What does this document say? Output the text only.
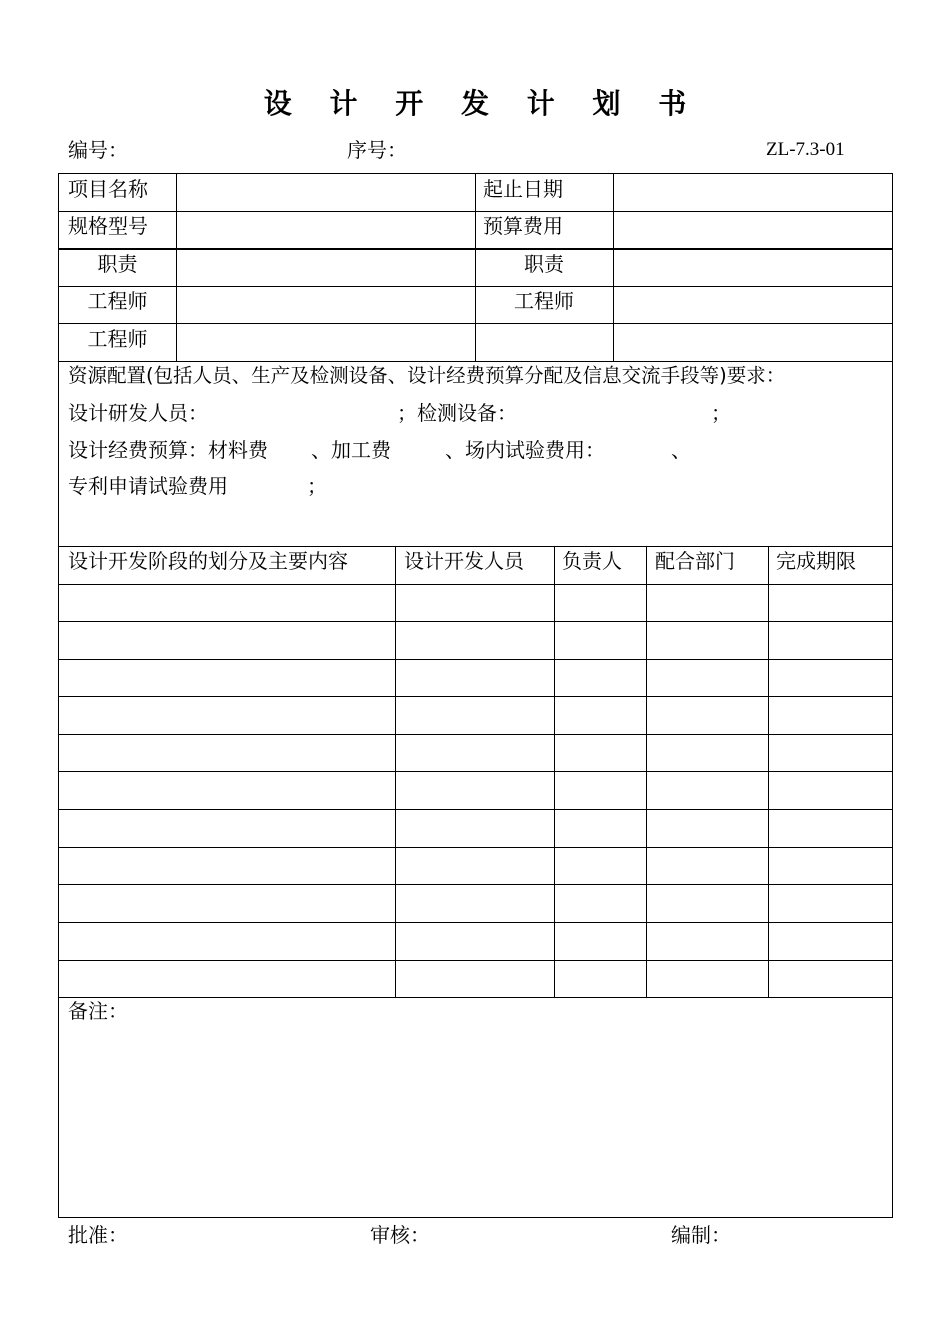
设 计 开 发 计 划 书
编号：	序号：	ZL-7.3-01
项目名称	起止日期
规格型号	预算费用
职责	职责
工程师	工程师
工程师
资源配置(包括人员、生产及检测设备、设计经费预算分配及信息交流手段等)要求：
设计研发人员：	；检测设备：	；
设计经费预算：材料费 、加工费	、场内试验费用：	、
专利申请试验费用	；
设计开发阶段的划分及主要内容	设计开发人员 负责人 配合部门 完成期限
备注：
批准：	审核：	编制：
